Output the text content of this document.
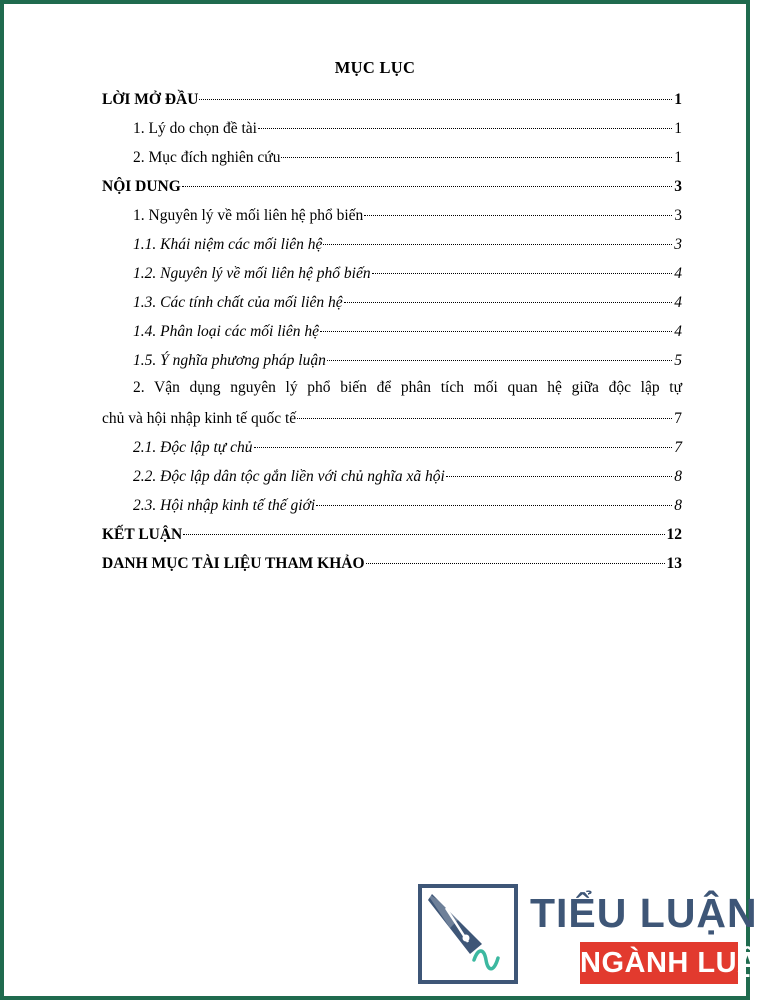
MỤC LỤC
LỜI MỞ ĐẦU	1
1. Lý do chọn đề tài	1
2. Mục đích nghiên cứu	1
NỘI DUNG	3
1. Nguyên lý về mối liên hệ phổ biến	3
1.1. Khái niệm các mối liên hệ	3
1.2. Nguyên lý về mối liên hệ phổ biến	4
1.3. Các tính chất của mối liên hệ	4
1.4. Phân loại các mối liên hệ	4
1.5. Ý nghĩa phương pháp luận	5
2. Vận dụng nguyên lý phổ biến để phân tích mối quan hệ giữa độc lập tự
chủ và hội nhập kinh tế quốc tế	7
2.1. Độc lập tự chủ	7
2.2. Độc lập dân tộc gắn liền với chủ nghĩa xã hội	8
2.3. Hội nhập kinh tế thế giới	8
KẾT LUẬN	12
DANH MỤC TÀI LIỆU THAM KHẢO	13
TIỂU LUẬN
NGÀNH LUẬT
